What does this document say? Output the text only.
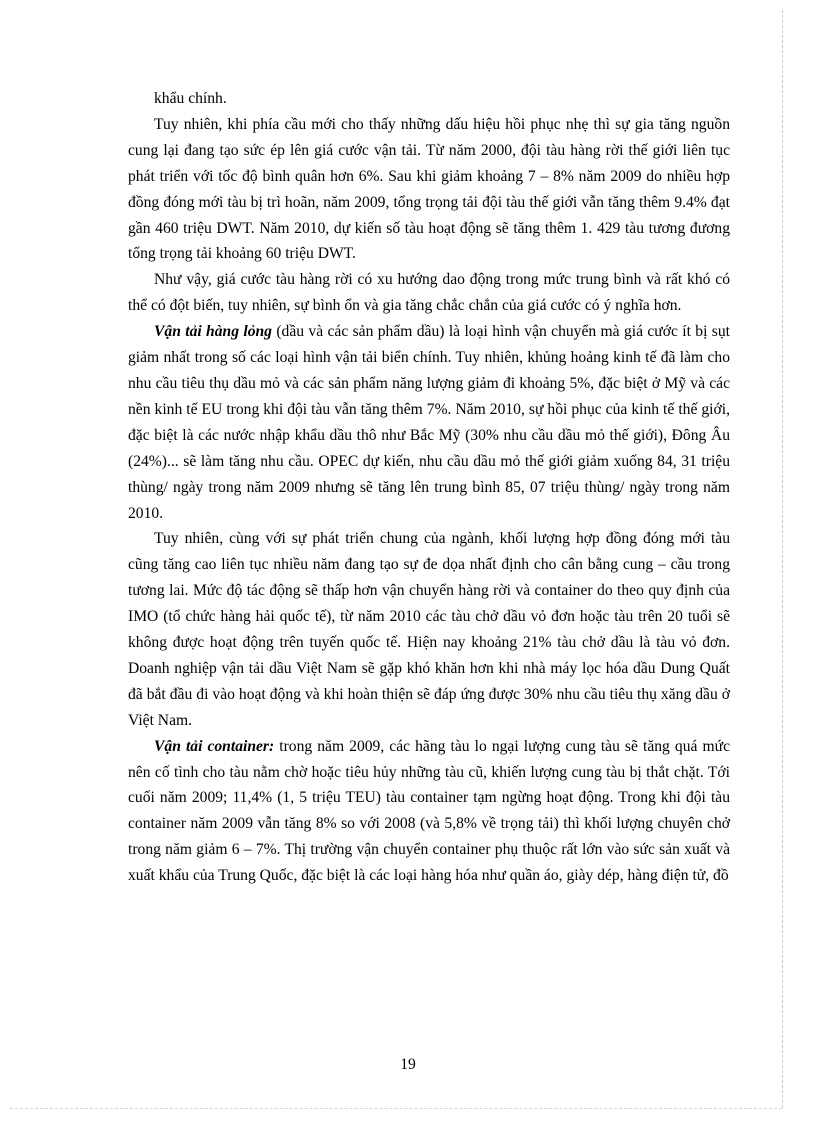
khẩu chính.

Tuy nhiên, khi phía cầu mới cho thấy những dấu hiệu hồi phục nhẹ thì sự gia tăng nguồn cung lại đang tạo sức ép lên giá cước vận tải. Từ năm 2000, đội tàu hàng rời thế giới liên tục phát triển với tốc độ bình quân hơn 6%. Sau khi giảm khoảng 7 – 8% năm 2009 do nhiều hợp đồng đóng mới tàu bị trì hoãn, năm 2009, tổng trọng tải đội tàu thế giới vẫn tăng thêm 9.4% đạt gần 460 triệu DWT. Năm 2010, dự kiến số tàu hoạt động sẽ tăng thêm 1. 429 tàu tương đương tổng trọng tải khoảng 60 triệu DWT.

Như vậy, giá cước tàu hàng rời có xu hướng dao động trong mức trung bình và rất khó có thể có đột biến, tuy nhiên, sự bình ổn và gia tăng chắc chắn của giá cước có ý nghĩa hơn.

Vận tải hàng lỏng (dầu và các sản phẩm dầu) là loại hình vận chuyển mà giá cước ít bị sụt giảm nhất trong số các loại hình vận tải biển chính. Tuy nhiên, khủng hoảng kinh tế đã làm cho nhu cầu tiêu thụ dầu mỏ và các sản phẩm năng lượng giảm đi khoảng 5%, đặc biệt ở Mỹ và các nền kinh tế EU trong khi đội tàu vẫn tăng thêm 7%. Năm 2010, sự hồi phục của kinh tế thế giới, đặc biệt là các nước nhập khẩu dầu thô như Bắc Mỹ (30% nhu cầu dầu mỏ thế giới), Đông Âu (24%)... sẽ làm tăng nhu cầu. OPEC dự kiến, nhu cầu dầu mỏ thế giới giảm xuống 84, 31 triệu thùng/ ngày trong năm 2009 nhưng sẽ tăng lên trung bình 85, 07 triệu thùng/ ngày trong năm 2010.

Tuy nhiên, cùng với sự phát triển chung của ngành, khối lượng hợp đồng đóng mới tàu cũng tăng cao liên tục nhiều năm đang tạo sự đe dọa nhất định cho cân bằng cung – cầu trong tương lai. Mức độ tác động sẽ thấp hơn vận chuyển hàng rời và container do theo quy định của IMO (tổ chức hàng hải quốc tế), từ năm 2010 các tàu chở dầu vỏ đơn hoặc tàu trên 20 tuổi sẽ không được hoạt động trên tuyến quốc tế. Hiện nay khoảng 21% tàu chở dầu là tàu vỏ đơn. Doanh nghiệp vận tải dầu Việt Nam sẽ gặp khó khăn hơn khi nhà máy lọc hóa dầu Dung Quất đã bắt đầu đi vào hoạt động và khi hoàn thiện sẽ đáp ứng được 30% nhu cầu tiêu thụ xăng dầu ở Việt Nam.

Vận tải container: trong năm 2009, các hãng tàu lo ngại lượng cung tàu sẽ tăng quá mức nên cố tình cho tàu nằm chờ hoặc tiêu hủy những tàu cũ, khiến lượng cung tàu bị thắt chặt. Tới cuối năm 2009; 11,4% (1, 5 triệu TEU) tàu container tạm ngừng hoạt động. Trong khi đội tàu container năm 2009 vẫn tăng 8% so với 2008 (và 5,8% về trọng tải) thì khối lượng chuyên chở trong năm giảm 6 – 7%. Thị trường vận chuyển container phụ thuộc rất lớn vào sức sản xuất và xuất khẩu của Trung Quốc, đặc biệt là các loại hàng hóa như quần áo, giày dép, hàng điện tử, đồ

19
